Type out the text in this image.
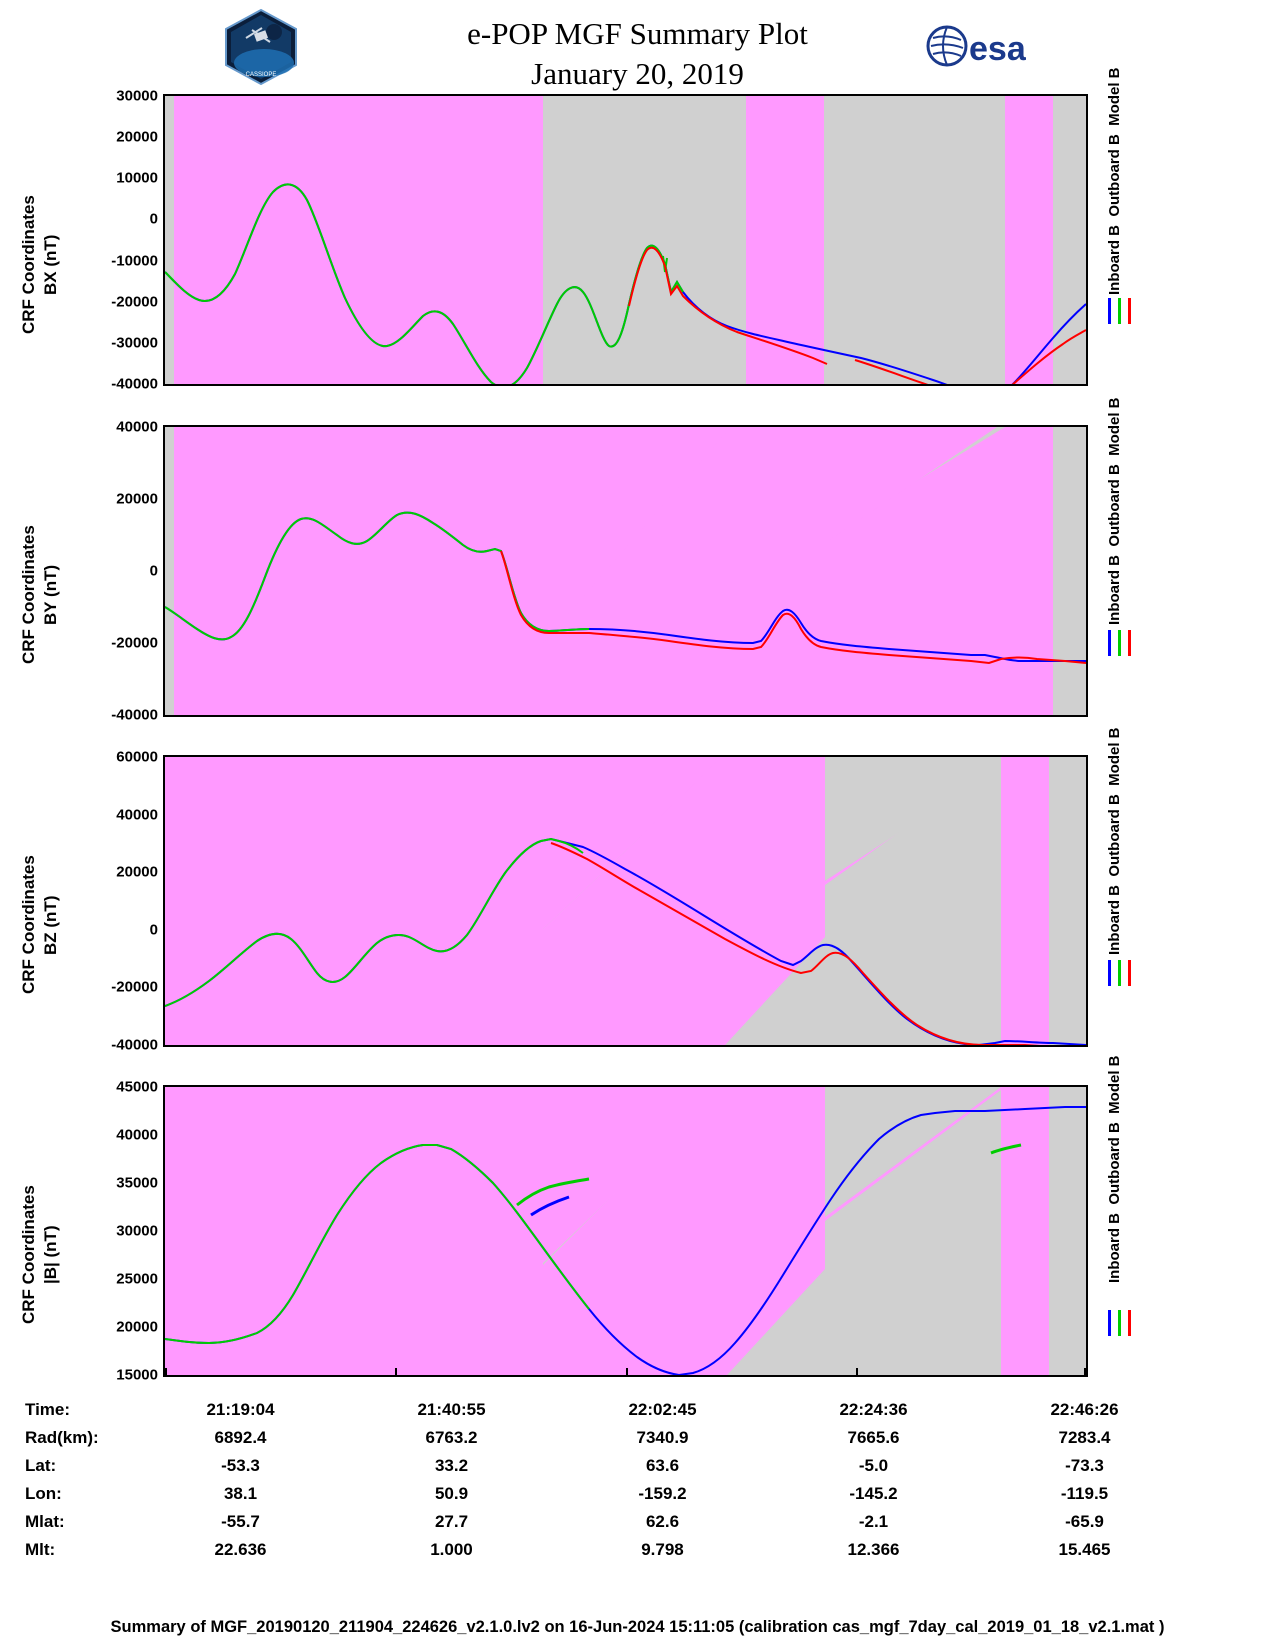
e-POP MGF Summary Plot
January 20, 2019
CASSIOPE
esa
CRF Coordinates BX (nT)
30000
20000
10000
0
-10000
-20000
-30000
-40000
Inboard B  Outboard B  Model B
CRF Coordinates BY (nT)
40000
20000
0
-20000
-40000
Inboard B  Outboard B  Model B
CRF Coordinates BZ (nT)
60000
40000
20000
0
-20000
-40000
Inboard B  Outboard B  Model B
CRF Coordinates |B| (nT)
45000
40000
35000
30000
25000
20000
15000
Inboard B  Outboard B  Model B
Time:	21:19:04	21:40:55	22:02:45	22:24:36	22:46:26
Rad(km):	6892.4	6763.2	7340.9	7665.6	7283.4
Lat:	-53.3	33.2	63.6	-5.0	-73.3
Lon:	38.1	50.9	-159.2	-145.2	-119.5
Mlat:	-55.7	27.7	62.6	-2.1	-65.9
Mlt:	22.636	1.000	9.798	12.366	15.465
Summary of MGF_20190120_211904_224626_v2.1.0.lv2 on 16-Jun-2024 15:11:05 (calibration cas_mgf_7day_cal_2019_01_18_v2.1.mat )
